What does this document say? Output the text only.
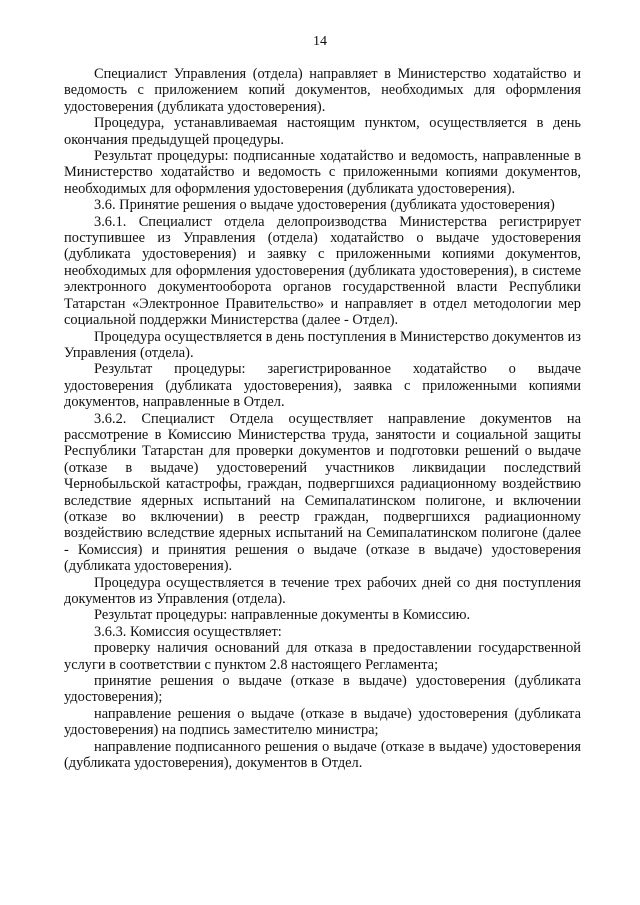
14

Специалист Управления (отдела) направляет в Министерство ходатайство и ведомость с приложением копий документов, необходимых для оформления удостоверения (дубликата удостоверения).

Процедура, устанавливаемая настоящим пунктом, осуществляется в день окончания предыдущей процедуры.

Результат процедуры: подписанные ходатайство и ведомость, направленные в Министерство ходатайство и ведомость с приложенными копиями документов, необходимых для оформления удостоверения (дубликата удостоверения).

3.6. Принятие решения о выдаче удостоверения (дубликата удостоверения)

3.6.1. Специалист отдела делопроизводства Министерства регистрирует поступившее из Управления (отдела) ходатайство о выдаче удостоверения (дубликата удостоверения) и заявку с приложенными копиями документов, необходимых для оформления удостоверения (дубликата удостоверения), в системе электронного документооборота органов государственной власти Республики Татарстан «Электронное Правительство» и направляет в отдел методологии мер социальной поддержки Министерства (далее - Отдел).

Процедура осуществляется в день поступления в Министерство документов из Управления (отдела).

Результат процедуры: зарегистрированное ходатайство о выдаче удостоверения (дубликата удостоверения), заявка с приложенными копиями документов, направленные в Отдел.

3.6.2. Специалист Отдела осуществляет направление документов на рассмотрение в Комиссию Министерства труда, занятости и социальной защиты Республики Татарстан для проверки документов и подготовки решений о выдаче (отказе в выдаче) удостоверений участников ликвидации последствий Чернобыльской катастрофы, граждан, подвергшихся радиационному воздействию вследствие ядерных испытаний на Семипалатинском полигоне, и включении (отказе во включении) в реестр граждан, подвергшихся радиационному воздействию вследствие ядерных испытаний на Семипалатинском полигоне (далее - Комиссия) и принятия решения о выдаче (отказе в выдаче) удостоверения (дубликата удостоверения).

Процедура осуществляется в течение трех рабочих дней со дня поступления документов из Управления (отдела).

Результат процедуры: направленные документы в Комиссию.

3.6.3. Комиссия осуществляет:

проверку наличия оснований для отказа в предоставлении государственной услуги в соответствии с пунктом 2.8 настоящего Регламента;

принятие решения о выдаче (отказе в выдаче) удостоверения (дубликата удостоверения);

направление решения о выдаче (отказе в выдаче) удостоверения (дубликата удостоверения) на подпись заместителю министра;

направление подписанного решения о выдаче (отказе в выдаче) удостоверения (дубликата удостоверения), документов в Отдел.
